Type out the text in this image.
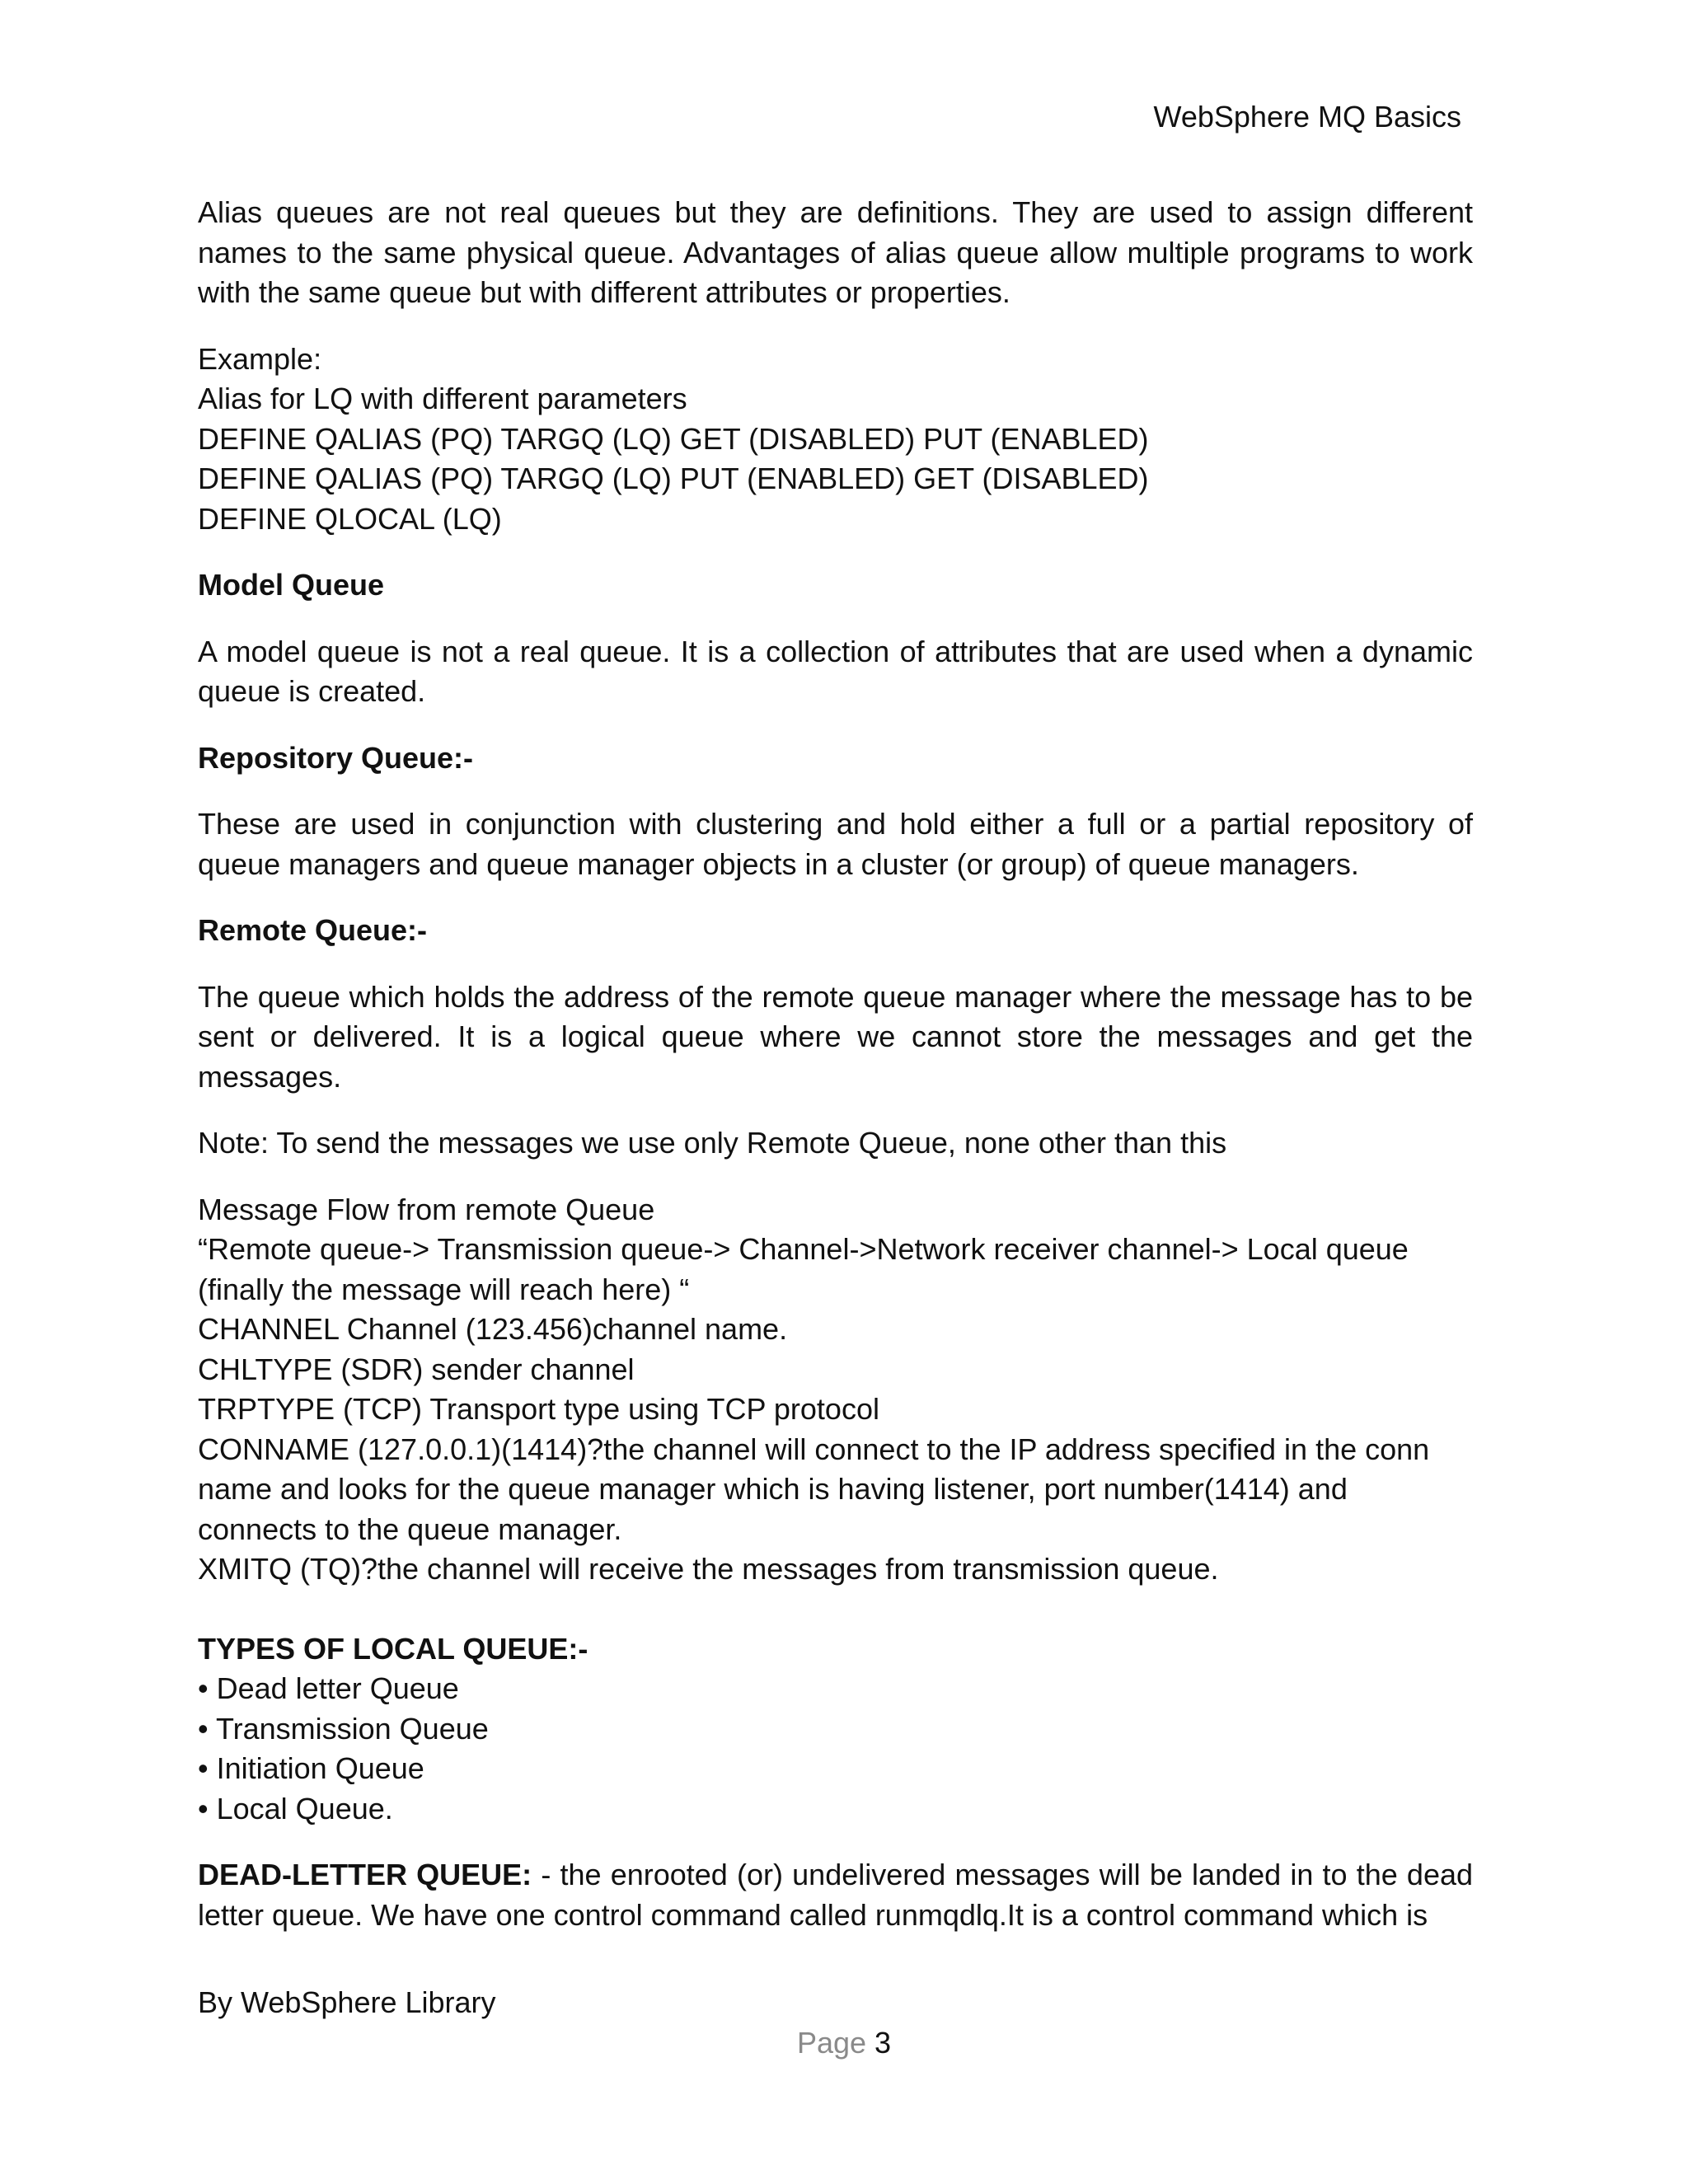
WebSphere MQ Basics

Alias queues are not real queues but they are definitions. They are used to assign different names to the same physical queue. Advantages of alias queue allow multiple programs to work with the same queue but with different attributes or properties.

Example:
Alias for LQ with different parameters
DEFINE QALIAS (PQ) TARGQ (LQ) GET (DISABLED) PUT (ENABLED)
DEFINE QALIAS (PQ) TARGQ (LQ) PUT (ENABLED) GET (DISABLED)
DEFINE QLOCAL (LQ)
Model Queue

A model queue is not a real queue. It is a collection of attributes that are used when a dynamic queue is created.

Repository Queue:-

These are used in conjunction with clustering and hold either a full or a partial repository of queue managers and queue manager objects in a cluster (or group) of queue managers.

Remote Queue:-

The queue which holds the address of the remote queue manager where the message has to be sent or delivered. It is a logical queue where we cannot store the messages and get the messages.

Note: To send the messages we use only Remote Queue, none other than this

Message Flow from remote Queue
“Remote queue-> Transmission queue-> Channel->Network receiver channel-> Local queue
(finally the message will reach here) “
CHANNEL Channel (123.456)channel name.
CHLTYPE (SDR) sender channel
TRPTYPE (TCP) Transport type using TCP protocol
CONNAME (127.0.0.1)(1414)?the channel will connect to the IP address specified in the conn
name and looks for the queue manager which is having listener, port number(1414) and
connects to the queue manager.
XMITQ (TQ)?the channel will receive the messages from transmission queue.
TYPES OF LOCAL QUEUE:-
• Dead letter Queue
• Transmission Queue
• Initiation Queue
• Local Queue.

DEAD-LETTER QUEUE: - the enrooted (or) undelivered messages will be landed in to the dead letter queue. We have one control command called runmqdlq.It is a control command which is

By WebSphere Library
Page 3
